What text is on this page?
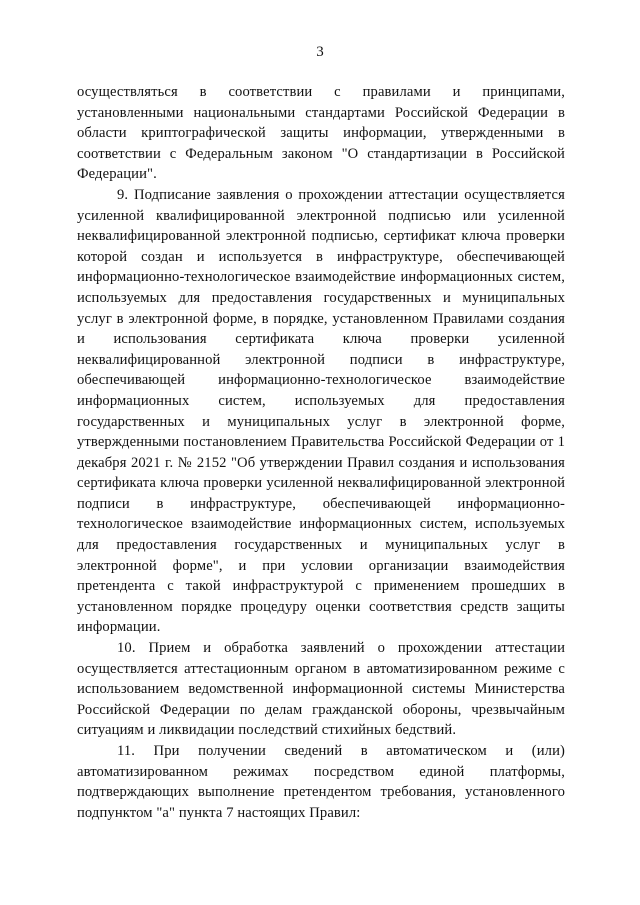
3

осуществляться в соответствии с правилами и принципами, установленными национальными стандартами Российской Федерации в области криптографической защиты информации, утвержденными в соответствии с Федеральным законом "О стандартизации в Российской Федерации".

9. Подписание заявления о прохождении аттестации осуществляется усиленной квалифицированной электронной подписью или усиленной неквалифицированной электронной подписью, сертификат ключа проверки которой создан и используется в инфраструктуре, обеспечивающей информационно-технологическое взаимодействие информационных систем, используемых для предоставления государственных и муниципальных услуг в электронной форме, в порядке, установленном Правилами создания и использования сертификата ключа проверки усиленной неквалифицированной электронной подписи в инфраструктуре, обеспечивающей информационно-технологическое взаимодействие информационных систем, используемых для предоставления государственных и муниципальных услуг в электронной форме, утвержденными постановлением Правительства Российской Федерации от 1 декабря 2021 г. № 2152 "Об утверждении Правил создания и использования сертификата ключа проверки усиленной неквалифицированной электронной подписи в инфраструктуре, обеспечивающей информационно-технологическое взаимодействие информационных систем, используемых для предоставления государственных и муниципальных услуг в электронной форме", и при условии организации взаимодействия претендента с такой инфраструктурой с применением прошедших в установленном порядке процедуру оценки соответствия средств защиты информации.

10. Прием и обработка заявлений о прохождении аттестации осуществляется аттестационным органом в автоматизированном режиме с использованием ведомственной информационной системы Министерства Российской Федерации по делам гражданской обороны, чрезвычайным ситуациям и ликвидации последствий стихийных бедствий.

11. При получении сведений в автоматическом и (или) автоматизированном режимах посредством единой платформы, подтверждающих выполнение претендентом требования, установленного подпунктом "а" пункта 7 настоящих Правил:
